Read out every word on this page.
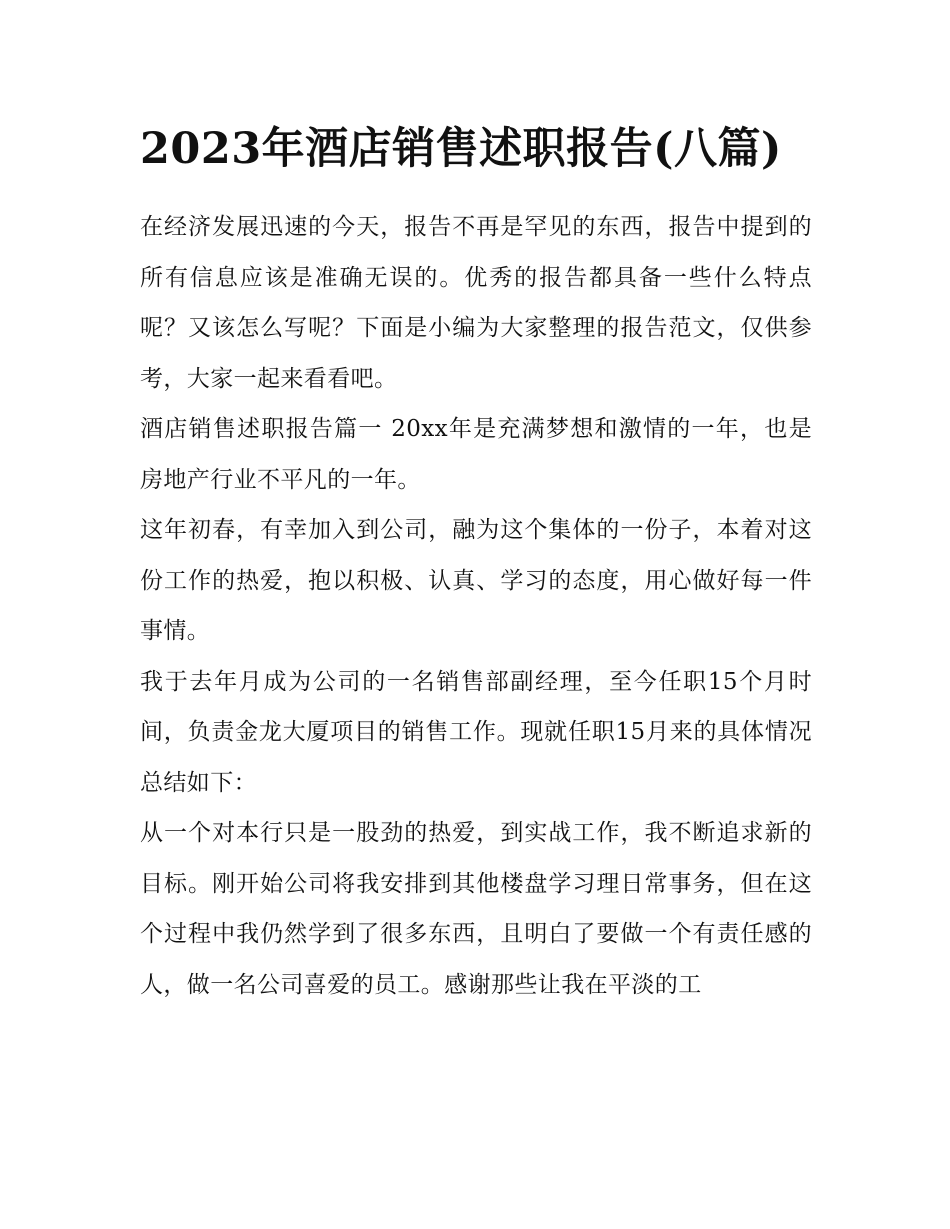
2023年酒店销售述职报告(八篇)

在经济发展迅速的今天，报告不再是罕见的东西，报告中提到的所有信息应该是准确无误的。优秀的报告都具备一些什么特点呢？又该怎么写呢？下面是小编为大家整理的报告范文，仅供参考，大家一起来看看吧。

酒店销售述职报告篇一 20xx年是充满梦想和激情的一年，也是房地产行业不平凡的一年。

这年初春，有幸加入到公司，融为这个集体的一份子，本着对这份工作的热爱，抱以积极、认真、学习的态度，用心做好每一件事情。

我于去年月成为公司的一名销售部副经理，至今任职15个月时间，负责金龙大厦项目的销售工作。现就任职15月来的具体情况总结如下：

从一个对本行只是一股劲的热爱，到实战工作，我不断追求新的目标。刚开始公司将我安排到其他楼盘学习理日常事务，但在这个过程中我仍然学到了很多东西，且明白了要做一个有责任感的人，做一名公司喜爱的员工。感谢那些让我在平淡的工
